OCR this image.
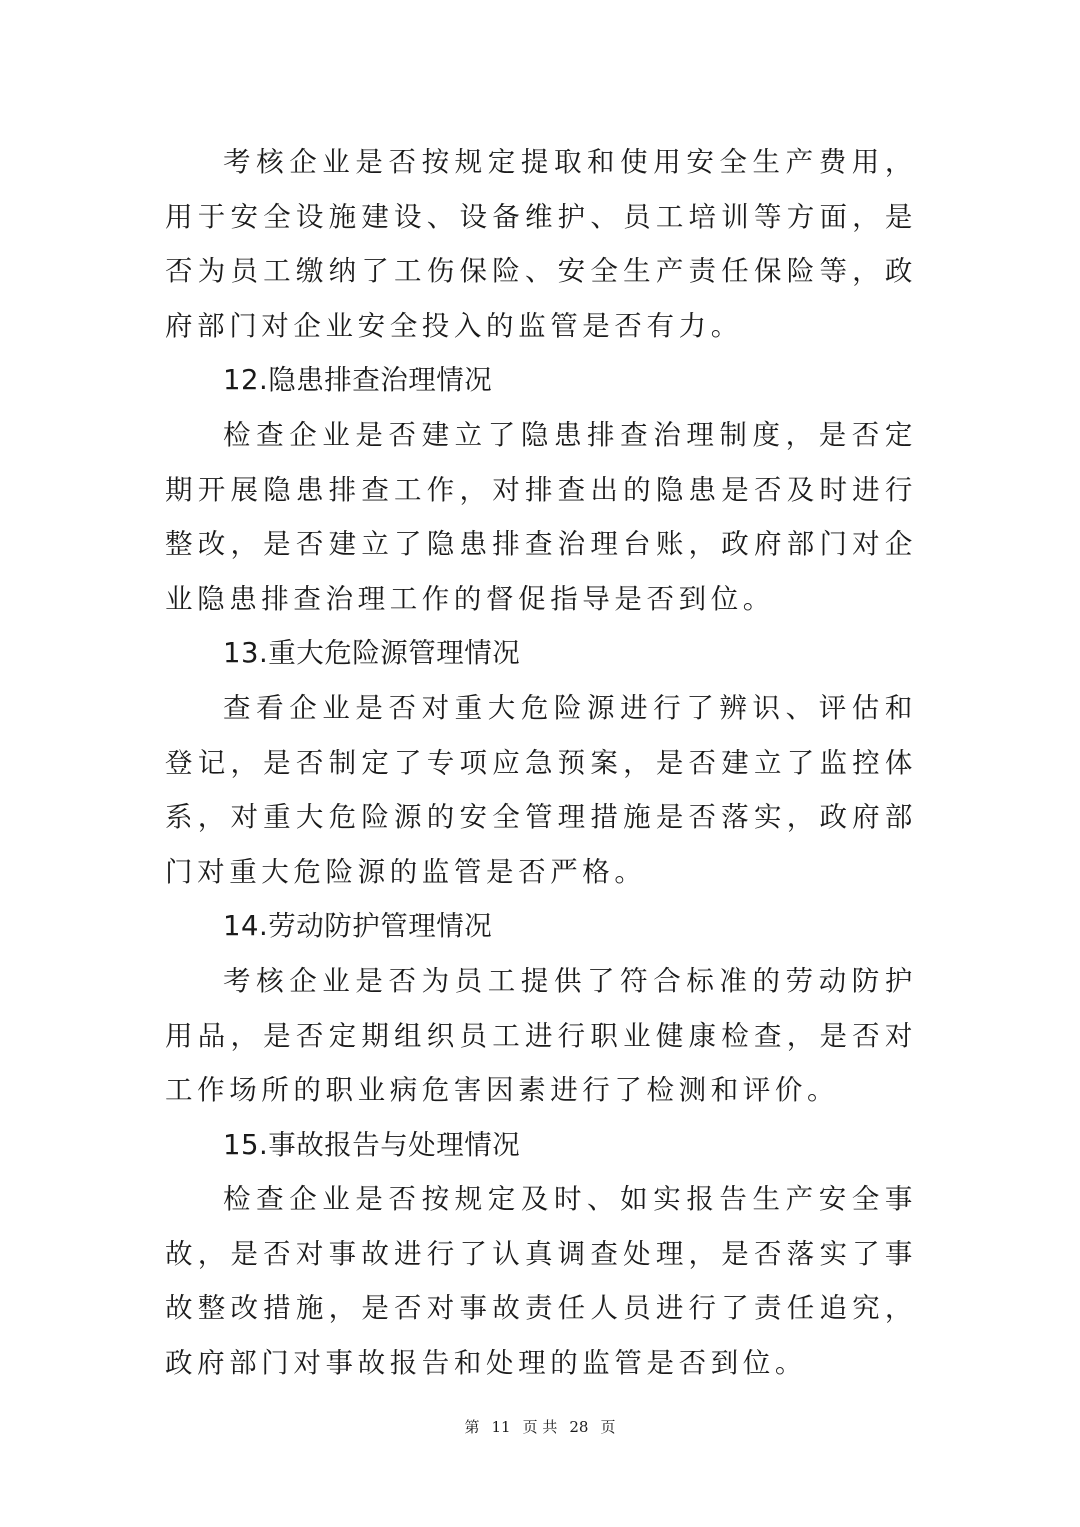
考核企业是否按规定提取和使用安全生产费用，用于安全设施建设、设备维护、员工培训等方面，是否为员工缴纳了工伤保险、安全生产责任保险等，政府部门对企业安全投入的监管是否有力。

12.隐患排查治理情况

检查企业是否建立了隐患排查治理制度，是否定期开展隐患排查工作，对排查出的隐患是否及时进行整改，是否建立了隐患排查治理台账，政府部门对企业隐患排查治理工作的督促指导是否到位。

13.重大危险源管理情况

查看企业是否对重大危险源进行了辨识、评估和登记，是否制定了专项应急预案，是否建立了监控体系，对重大危险源的安全管理措施是否落实，政府部门对重大危险源的监管是否严格。

14.劳动防护管理情况

考核企业是否为员工提供了符合标准的劳动防护用品，是否定期组织员工进行职业健康检查，是否对工作场所的职业病危害因素进行了检测和评价。

15.事故报告与处理情况

检查企业是否按规定及时、如实报告生产安全事故，是否对事故进行了认真调查处理，是否落实了事故整改措施，是否对事故责任人员进行了责任追究，政府部门对事故报告和处理的监管是否到位。

第 11 页 共 28 页
